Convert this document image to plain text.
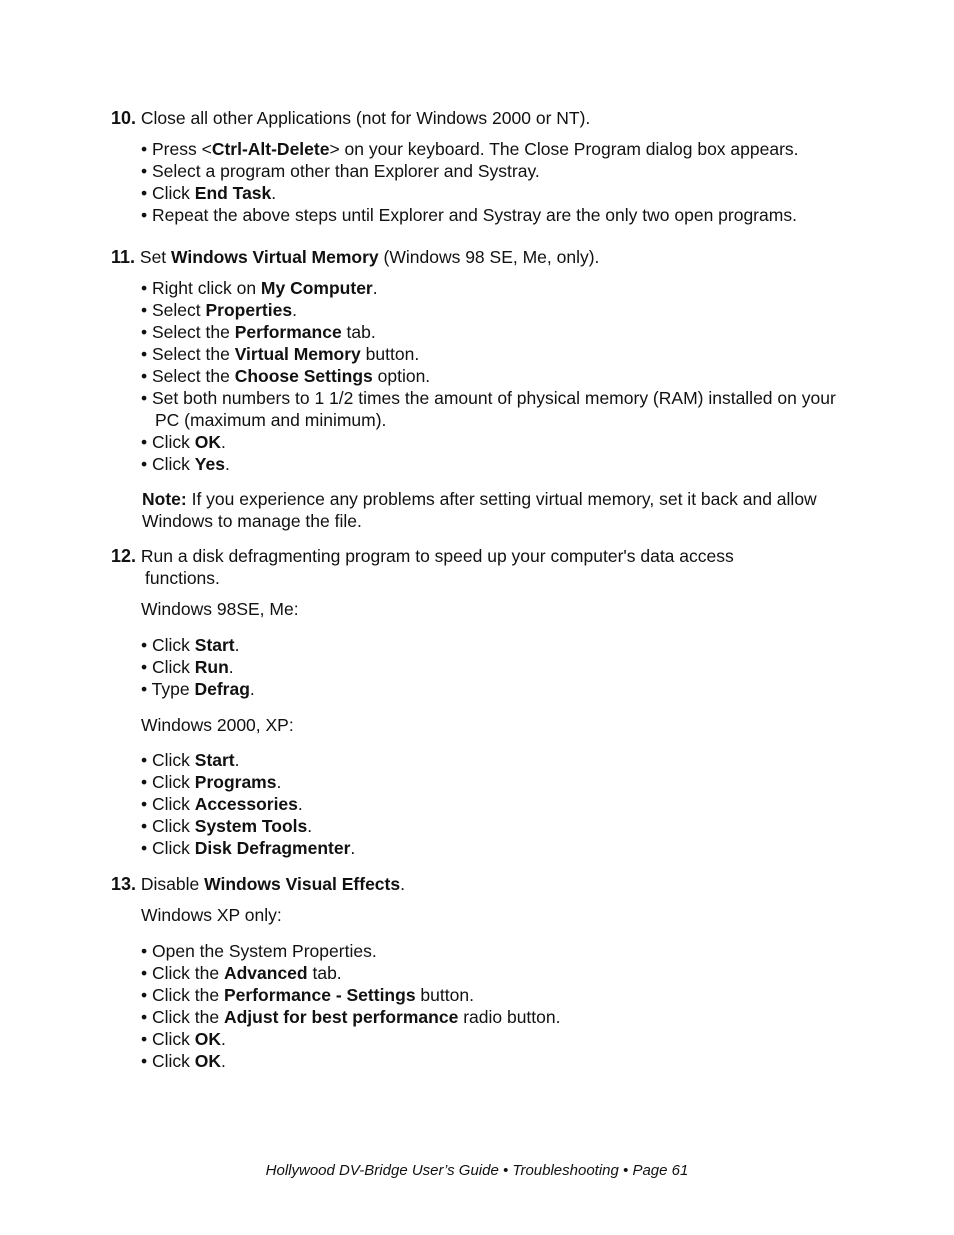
10. Close all other Applications (not for Windows 2000 or NT).
• Press <Ctrl-Alt-Delete> on your keyboard. The Close Program dialog box appears.
• Select a program other than Explorer and Systray.
• Click End Task.
• Repeat the above steps until Explorer and Systray are the only two open programs.
11. Set Windows Virtual Memory (Windows 98 SE, Me, only).
• Right click on My Computer.
• Select Properties.
• Select the Performance tab.
• Select the Virtual Memory button.
• Select the Choose Settings option.
• Set both numbers to 1 1/2 times the amount of physical memory (RAM) installed on your PC (maximum and minimum).
• Click OK.
• Click Yes.
Note: If you experience any problems after setting virtual memory, set it back and allow Windows to manage the file.
12. Run a disk defragmenting program to speed up your computer's data access
functions.
Windows 98SE, Me:
• Click Start.
• Click Run.
• Type Defrag.
Windows 2000, XP:
• Click Start.
• Click Programs.
• Click Accessories.
• Click System Tools.
• Click Disk Defragmenter.
13. Disable Windows Visual Effects.
Windows XP only:
• Open the System Properties.
• Click the Advanced tab.
• Click the Performance - Settings button.
• Click the Adjust for best performance radio button.
• Click OK.
• Click OK.
Hollywood DV-Bridge User’s Guide • Troubleshooting • Page 61
